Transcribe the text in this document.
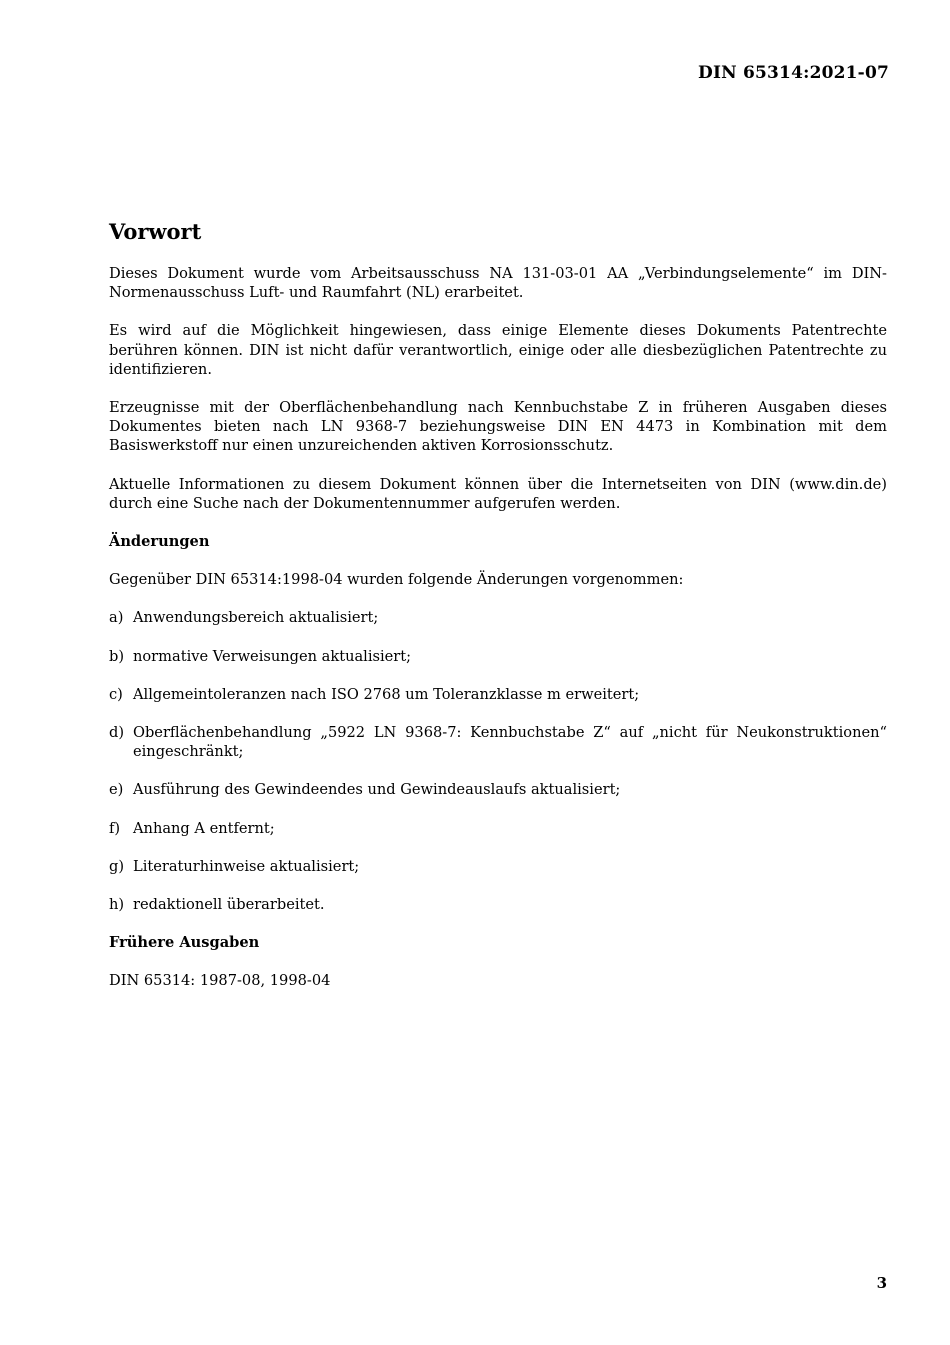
DIN 65314:2021-07
Vorwort

Dieses Dokument wurde vom Arbeitsausschuss NA 131-03-01 AA „Verbindungselemente“ im DIN-Normenausschuss Luft- und Raumfahrt (NL) erarbeitet.

Es wird auf die Möglichkeit hingewiesen, dass einige Elemente dieses Dokuments Patentrechte berühren können. DIN ist nicht dafür verantwortlich, einige oder alle diesbezüglichen Patentrechte zu identifizieren.

Erzeugnisse mit der Oberflächenbehandlung nach Kennbuchstabe Z in früheren Ausgaben dieses Dokumentes bieten nach LN 9368-7 beziehungsweise DIN EN 4473 in Kombination mit dem Basiswerkstoff nur einen unzureichenden aktiven Korrosionsschutz.

Aktuelle Informationen zu diesem Dokument können über die Internetseiten von DIN (www.din.de) durch eine Suche nach der Dokumentennummer aufgerufen werden.

Änderungen

Gegenüber DIN 65314:1998-04 wurden folgende Änderungen vorgenommen:

a) Anwendungsbereich aktualisiert;
b) normative Verweisungen aktualisiert;
c) Allgemeintoleranzen nach ISO 2768 um Toleranzklasse m erweitert;
d) Oberflächenbehandlung „5922 LN 9368-7: Kennbuchstabe Z“ auf „nicht für Neukonstruktionen“ eingeschränkt;
e) Ausführung des Gewindeendes und Gewindeauslaufs aktualisiert;
f) Anhang A entfernt;
g) Literaturhinweise aktualisiert;
h) redaktionell überarbeitet.
Frühere Ausgaben

DIN 65314: 1987-08, 1998-04

3
